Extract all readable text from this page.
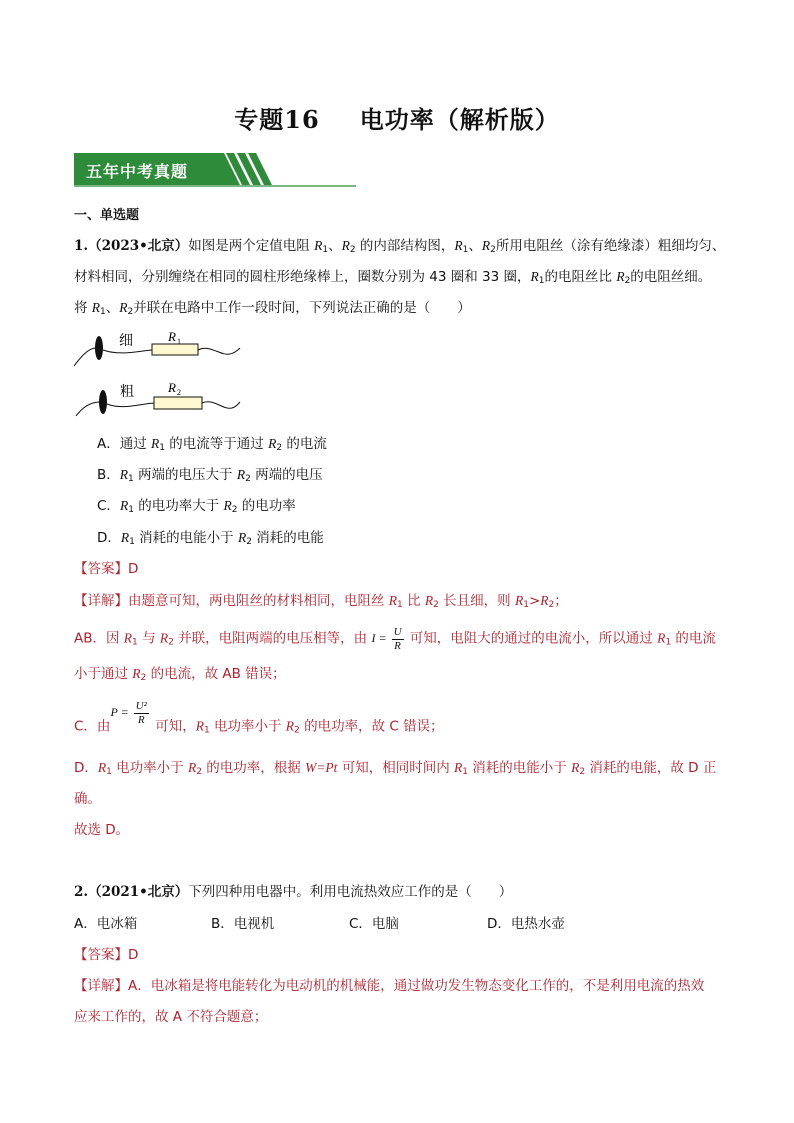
专题16 电功率（解析版）
五年中考真题
一、单选题
1.（2023•北京）如图是两个定值电阻 $R_1$、$R_2$ 的内部结构图，$R_1$、$R_2$所用电阻丝（涂有绝缘漆）粗细均匀、
材料相同，分别缠绕在相同的圆柱形绝缘棒上，圈数分别为 43 圈和 33 圈，$R_1$的电阻丝比 $R_2$的电阻丝细。
将 $R_1$、$R_2$并联在电路中工作一段时间，下列说法正确的是（　　）
细	R 1
粗	R 2
A．通过 $R_1$ 的电流等于通过 $R_2$ 的电流
B．$R_1$ 两端的电压大于 $R_2$ 两端的电压
C．$R_1$ 的电功率大于 $R_2$ 的电功率
D．$R_1$ 消耗的电能小于 $R_2$ 消耗的电能
【答案】D
【详解】由题意可知，两电阻丝的材料相同，电阻丝 $R_1$ 比 $R_2$ 长且细，则 $R_1>R_2$；
AB．因 $R_1$ 与 $R_2$ 并联，电阻两端的电压相等，由 $I = \frac{U}{R}$ 可知，电阻大的通过的电流小，所以通过 $R_1$ 的电流
小于通过 $R_2$ 的电流，故 AB 错误；
C．由$P = \frac{\text{U²}}{R}$ 可知，$R_1$ 电功率小于 $R_2$ 的电功率，故 C 错误；
D．$R_1$ 电功率小于 $R_2$ 的电功率，根据 W=Pt 可知，相同时间内 $R_1$ 消耗的电能小于 $R_2$ 消耗的电能，故 D 正
确。
故选 D。
2.（2021•北京）下列四种用电器中。利用电流热效应工作的是（　　）
A．电冰箱	B．电视机	C．电脑	D．电热水壶
【答案】D
【详解】A．电冰箱是将电能转化为电动机的机械能，通过做功发生物态变化工作的，不是利用电流的热效
应来工作的，故 A 不符合题意；
